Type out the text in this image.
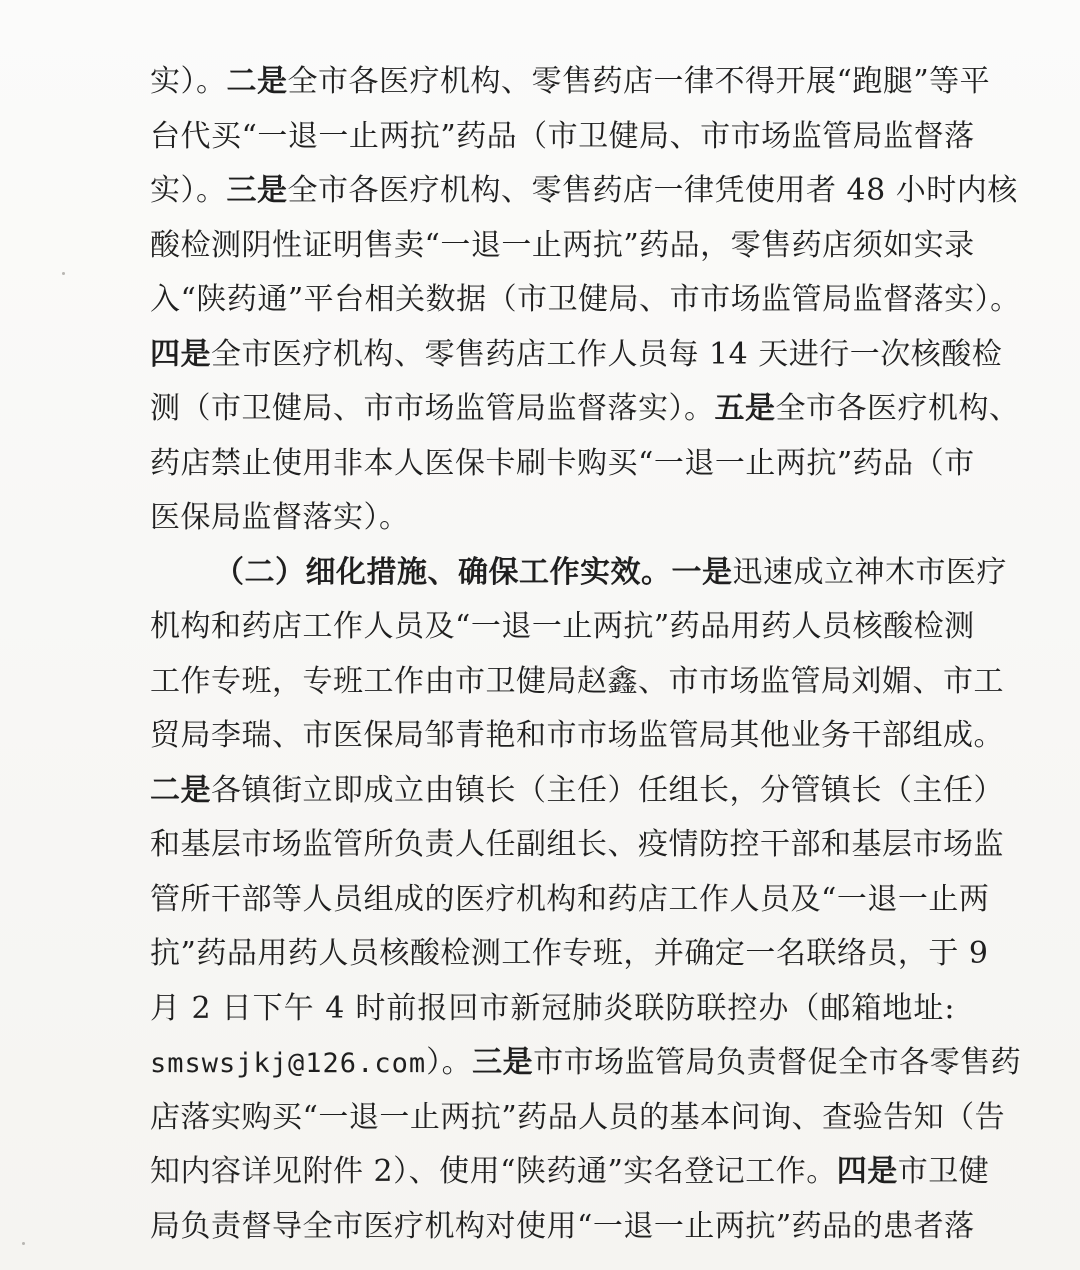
实）。二是全市各医疗机构、零售药店一律不得开展“跑腿”等平
台代买“一退一止两抗”药品（市卫健局、市市场监管局监督落
实）。三是全市各医疗机构、零售药店一律凭使用者 48 小时内核
酸检测阴性证明售卖“一退一止两抗”药品，零售药店须如实录
入“陕药通”平台相关数据（市卫健局、市市场监管局监督落实）。
四是全市医疗机构、零售药店工作人员每 14 天进行一次核酸检
测（市卫健局、市市场监管局监督落实）。五是全市各医疗机构、
药店禁止使用非本人医保卡刷卡购买“一退一止两抗”药品（市
医保局监督落实）。
（二）细化措施、确保工作实效。一是迅速成立神木市医疗
机构和药店工作人员及“一退一止两抗”药品用药人员核酸检测
工作专班，专班工作由市卫健局赵鑫、市市场监管局刘媚、市工
贸局李瑞、市医保局邹青艳和市市场监管局其他业务干部组成。
二是各镇街立即成立由镇长（主任）任组长，分管镇长（主任）
和基层市场监管所负责人任副组长、疫情防控干部和基层市场监
管所干部等人员组成的医疗机构和药店工作人员及“一退一止两
抗”药品用药人员核酸检测工作专班，并确定一名联络员，于 9
月 2 日下午 4 时前报回市新冠肺炎联防联控办（邮箱地址:
smswsjkj@126.com）。三是市市场监管局负责督促全市各零售药
店落实购买“一退一止两抗”药品人员的基本问询、查验告知（告
知内容详见附件 2）、使用“陕药通”实名登记工作。四是市卫健
局负责督导全市医疗机构对使用“一退一止两抗”药品的患者落
